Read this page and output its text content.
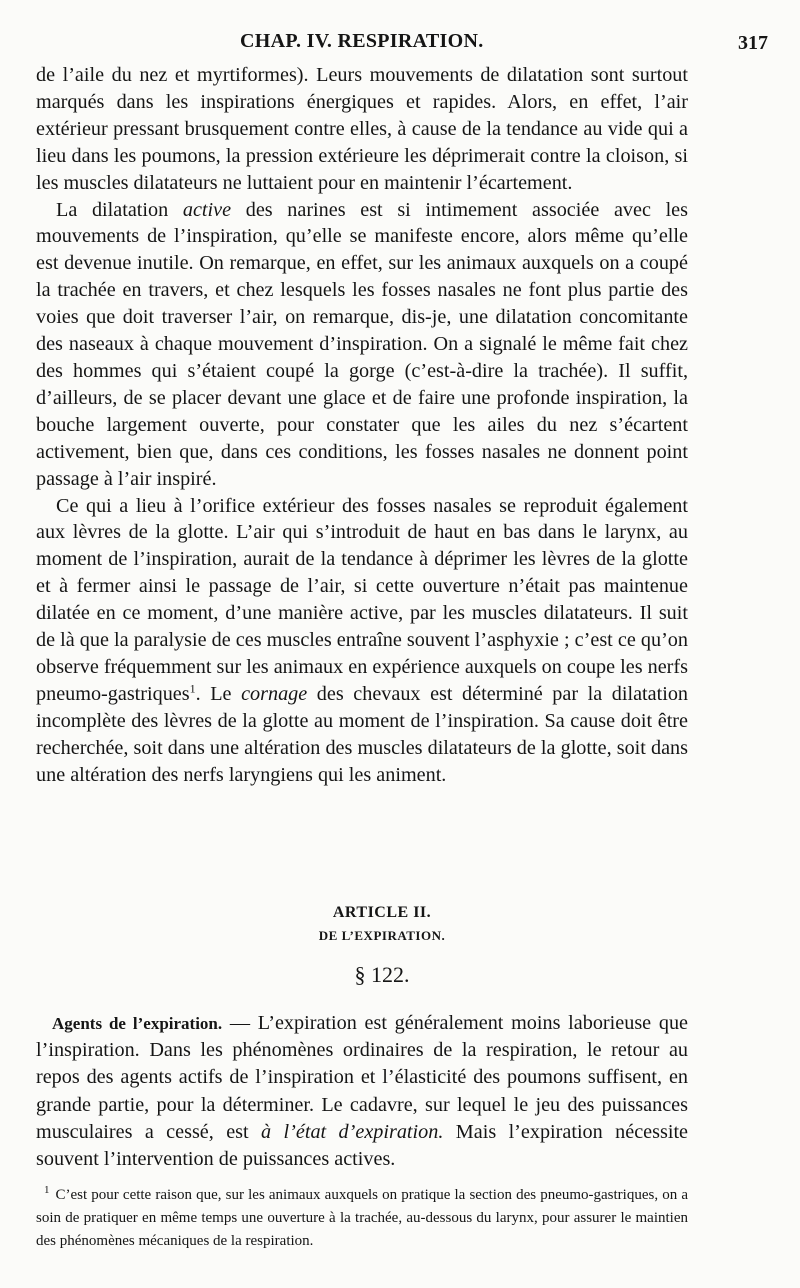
CHAP. IV. RESPIRATION.	317

de l’aile du nez et myrtiformes). Leurs mouvements de dilatation sont surtout marqués dans les inspirations énergiques et rapides. Alors, en effet, l’air extérieur pressant brusquement contre elles, à cause de la tendance au vide qui a lieu dans les poumons, la pression extérieure les déprimerait contre la cloison, si les muscles dilatateurs ne luttaient pour en maintenir l’écartement.

La dilatation active des narines est si intimement associée avec les mouvements de l’inspiration, qu’elle se manifeste encore, alors même qu’elle est devenue inutile. On remarque, en effet, sur les animaux auxquels on a coupé la trachée en travers, et chez lesquels les fosses nasales ne font plus partie des voies que doit traverser l’air, on remarque, dis-je, une dilatation concomitante des naseaux à chaque mouvement d’inspiration. On a signalé le même fait chez des hommes qui s’étaient coupé la gorge (c’est-à-dire la trachée). Il suffit, d’ailleurs, de se placer devant une glace et de faire une profonde inspiration, la bouche largement ouverte, pour constater que les ailes du nez s’écartent activement, bien que, dans ces conditions, les fosses nasales ne donnent point passage à l’air inspiré.

Ce qui a lieu à l’orifice extérieur des fosses nasales se reproduit également aux lèvres de la glotte. L’air qui s’introduit de haut en bas dans le larynx, au moment de l’inspiration, aurait de la tendance à déprimer les lèvres de la glotte et à fermer ainsi le passage de l’air, si cette ouverture n’était pas maintenue dilatée en ce moment, d’une manière active, par les muscles dilatateurs. Il suit de là que la paralysie de ces muscles entraîne souvent l’asphyxie ; c’est ce qu’on observe fréquemment sur les animaux en expérience auxquels on coupe les nerfs pneumo-gastriques$^1$. Le cornage des chevaux est déterminé par la dilatation incomplète des lèvres de la glotte au moment de l’inspiration. Sa cause doit être recherchée, soit dans une altération des muscles dilatateurs de la glotte, soit dans une altération des nerfs laryngiens qui les animent.

ARTICLE II.
DE L’EXPIRATION.
§ 122.

Agents de l’expiration. — L’expiration est généralement moins laborieuse que l’inspiration. Dans les phénomènes ordinaires de la respiration, le retour au repos des agents actifs de l’inspiration et l’élasticité des poumons suffisent, en grande partie, pour la déterminer. Le cadavre, sur lequel le jeu des puissances musculaires a cessé, est à l’état d’expiration. Mais l’expiration nécessite souvent l’intervention de puissances actives.

$^1$ C’est pour cette raison que, sur les animaux auxquels on pratique la section des pneumo-gastriques, on a soin de pratiquer en même temps une ouverture à la trachée, au-dessous du larynx, pour assurer le maintien des phénomènes mécaniques de la respiration.
